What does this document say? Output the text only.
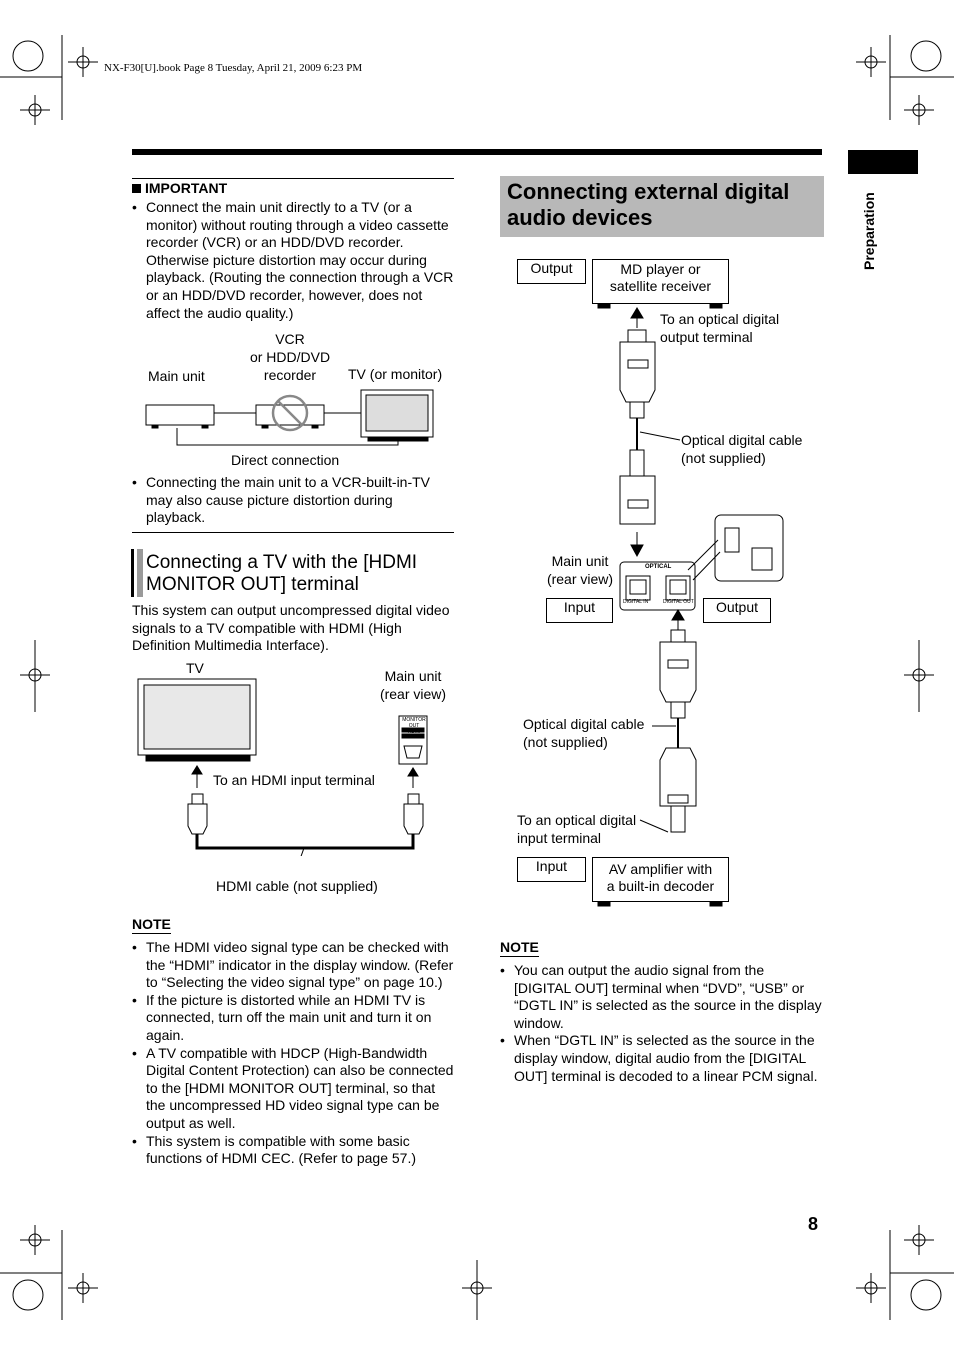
NX-F30[U].book Page 8 Tuesday, April 21, 2009 6:23 PM
Preparation
IMPORTANT
• Connect the main unit directly to a TV (or a monitor) without routing through a video cassette recorder (VCR) or an HDD/DVD recorder. Otherwise picture distortion may occur during playback. (Routing the connection through a VCR or an HDD/DVD recorder, however, does not affect the audio quality.)
Main unit
VCR
or HDD/DVD
recorder	TV (or monitor)
Direct connection
• Connecting the main unit to a VCR-built-in-TV may also cause picture distortion during playback.
Connecting a TV with the [HDMI
MONITOR OUT] terminal
This system can output uncompressed digital video signals to a TV compatible with HDMI (High Definition Multimedia Interface).
TV	Main unit
(rear view)
MONITOR OUT
HDMI
To an HDMI input terminal
HDMI cable (not supplied)
NOTE
• The HDMI video signal type can be checked with the “HDMI” indicator in the display window. (Refer to “Selecting the video signal type” on page 10.)
• If the picture is distorted while an HDMI TV is connected, turn off the main unit and turn it on again.
• A TV compatible with HDCP (High-Bandwidth Digital Content Protection) can also be connected to the [HDMI MONITOR OUT] terminal, so that the uncompressed HD video signal type can be output as well.
• This system is compatible with some basic functions of HDMI CEC. (Refer to page 57.)
Connecting external digital
audio devices
Output	MD player or
satellite receiver
To an optical digital
output terminal
Optical digital cable
(not supplied)
Main unit
(rear view)
Input	Output
Optical digital cable
(not supplied)
To an optical digital
input terminal
Input	AV amplifier with
a built-in decoder
OPTICAL
DIGITAL IN	DIGITAL OUT
NOTE
• You can output the audio signal from the [DIGITAL OUT] terminal when “DVD”, “USB” or “DGTL IN” is selected as the source in the display window.
• When “DGTL IN” is selected as the source in the display window, digital audio from the [DIGITAL OUT] terminal is decoded to a linear PCM signal.
8
